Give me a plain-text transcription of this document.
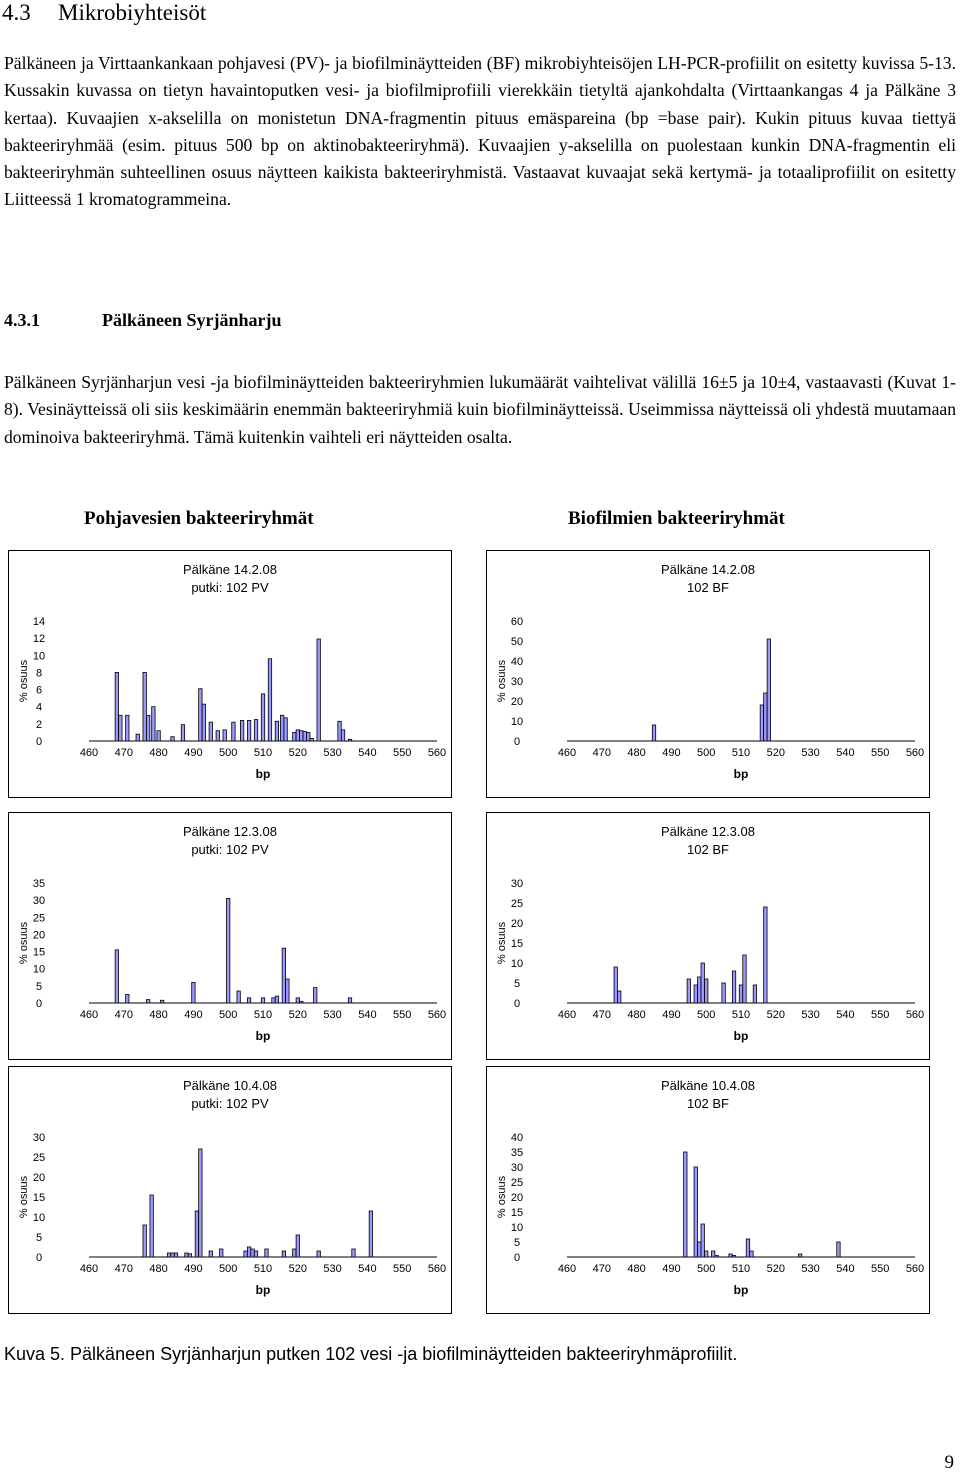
4.3 Mikrobiyhteisöt

Pälkäneen ja Virttaankankaan pohjavesi (PV)- ja biofilminäytteiden (BF) mikrobiyhteisöjen LH-PCR-profiilit on esitetty kuvissa 5-13. Kussakin kuvassa on tietyn havaintoputken vesi- ja biofilmiprofiili vierekkäin tietyltä ajankohdalta (Virttaankangas 4 ja Pälkäne 3 kertaa). Kuvaajien x-akselilla on monistetun DNA-fragmentin pituus emäspareina (bp =base pair). Kukin pituus kuvaa tiettyä bakteeriryhmää (esim. pituus 500 bp on aktinobakteeriryhmä). Kuvaajien y-akselilla on puolestaan kunkin DNA-fragmentin eli bakteeriryhmän suhteellinen osuus näytteen kaikista bakteeriryhmistä. Vastaavat kuvaajat sekä kertymä- ja totaaliprofiilit on esitetty Liitteessä 1 kromatogrammeina.

4.3.1	Pälkäneen Syrjänharju

Pälkäneen Syrjänharjun vesi -ja biofilminäytteiden bakteeriryhmien lukumäärät vaihtelivat välillä 16±5 ja 10±4, vastaavasti (Kuvat 1-8). Vesinäytteissä oli siis keskimäärin enemmän bakteeriryhmiä kuin biofilminäytteissä. Useimmissa näytteissä oli yhdestä muutamaan dominoiva bakteeriryhmä. Tämä kuitenkin vaihteli eri näytteiden osalta.

Pohjavesien bakteeriryhmät	Biofilmien bakteeriryhmät
Pälkäne 14.2.08
putki: 102 PV
0
2
4
6
8
10
12
14
460 470 480 490 500 510 520 530 540 550 560
bp
% osuus
Pälkäne 14.2.08
102 BF
0
10
20
30
40
50
60
460 470 480 490 500 510 520 530 540 550 560
bp
% osuus
Pälkäne 12.3.08
putki: 102 PV
0
5
10
15
20
25
30
35
460 470 480 490 500 510 520 530 540 550 560
bp
% osuus
Pälkäne 12.3.08
102 BF
0
5
10
15
20
25
30
460 470 480 490 500 510 520 530 540 550 560
bp
% osuus
Pälkäne 10.4.08
putki: 102 PV
0
5
10
15
20
25
30
460 470 480 490 500 510 520 530 540 550 560
bp
% osuus
Pälkäne 10.4.08
102 BF
0
5
10
15
20
25
30
35
40
460 470 480 490 500 510 520 530 540 550 560
bp
% osuus
Kuva 5. Pälkäneen Syrjänharjun putken 102 vesi -ja biofilminäytteiden bakteeriryhmäprofiilit.
9
